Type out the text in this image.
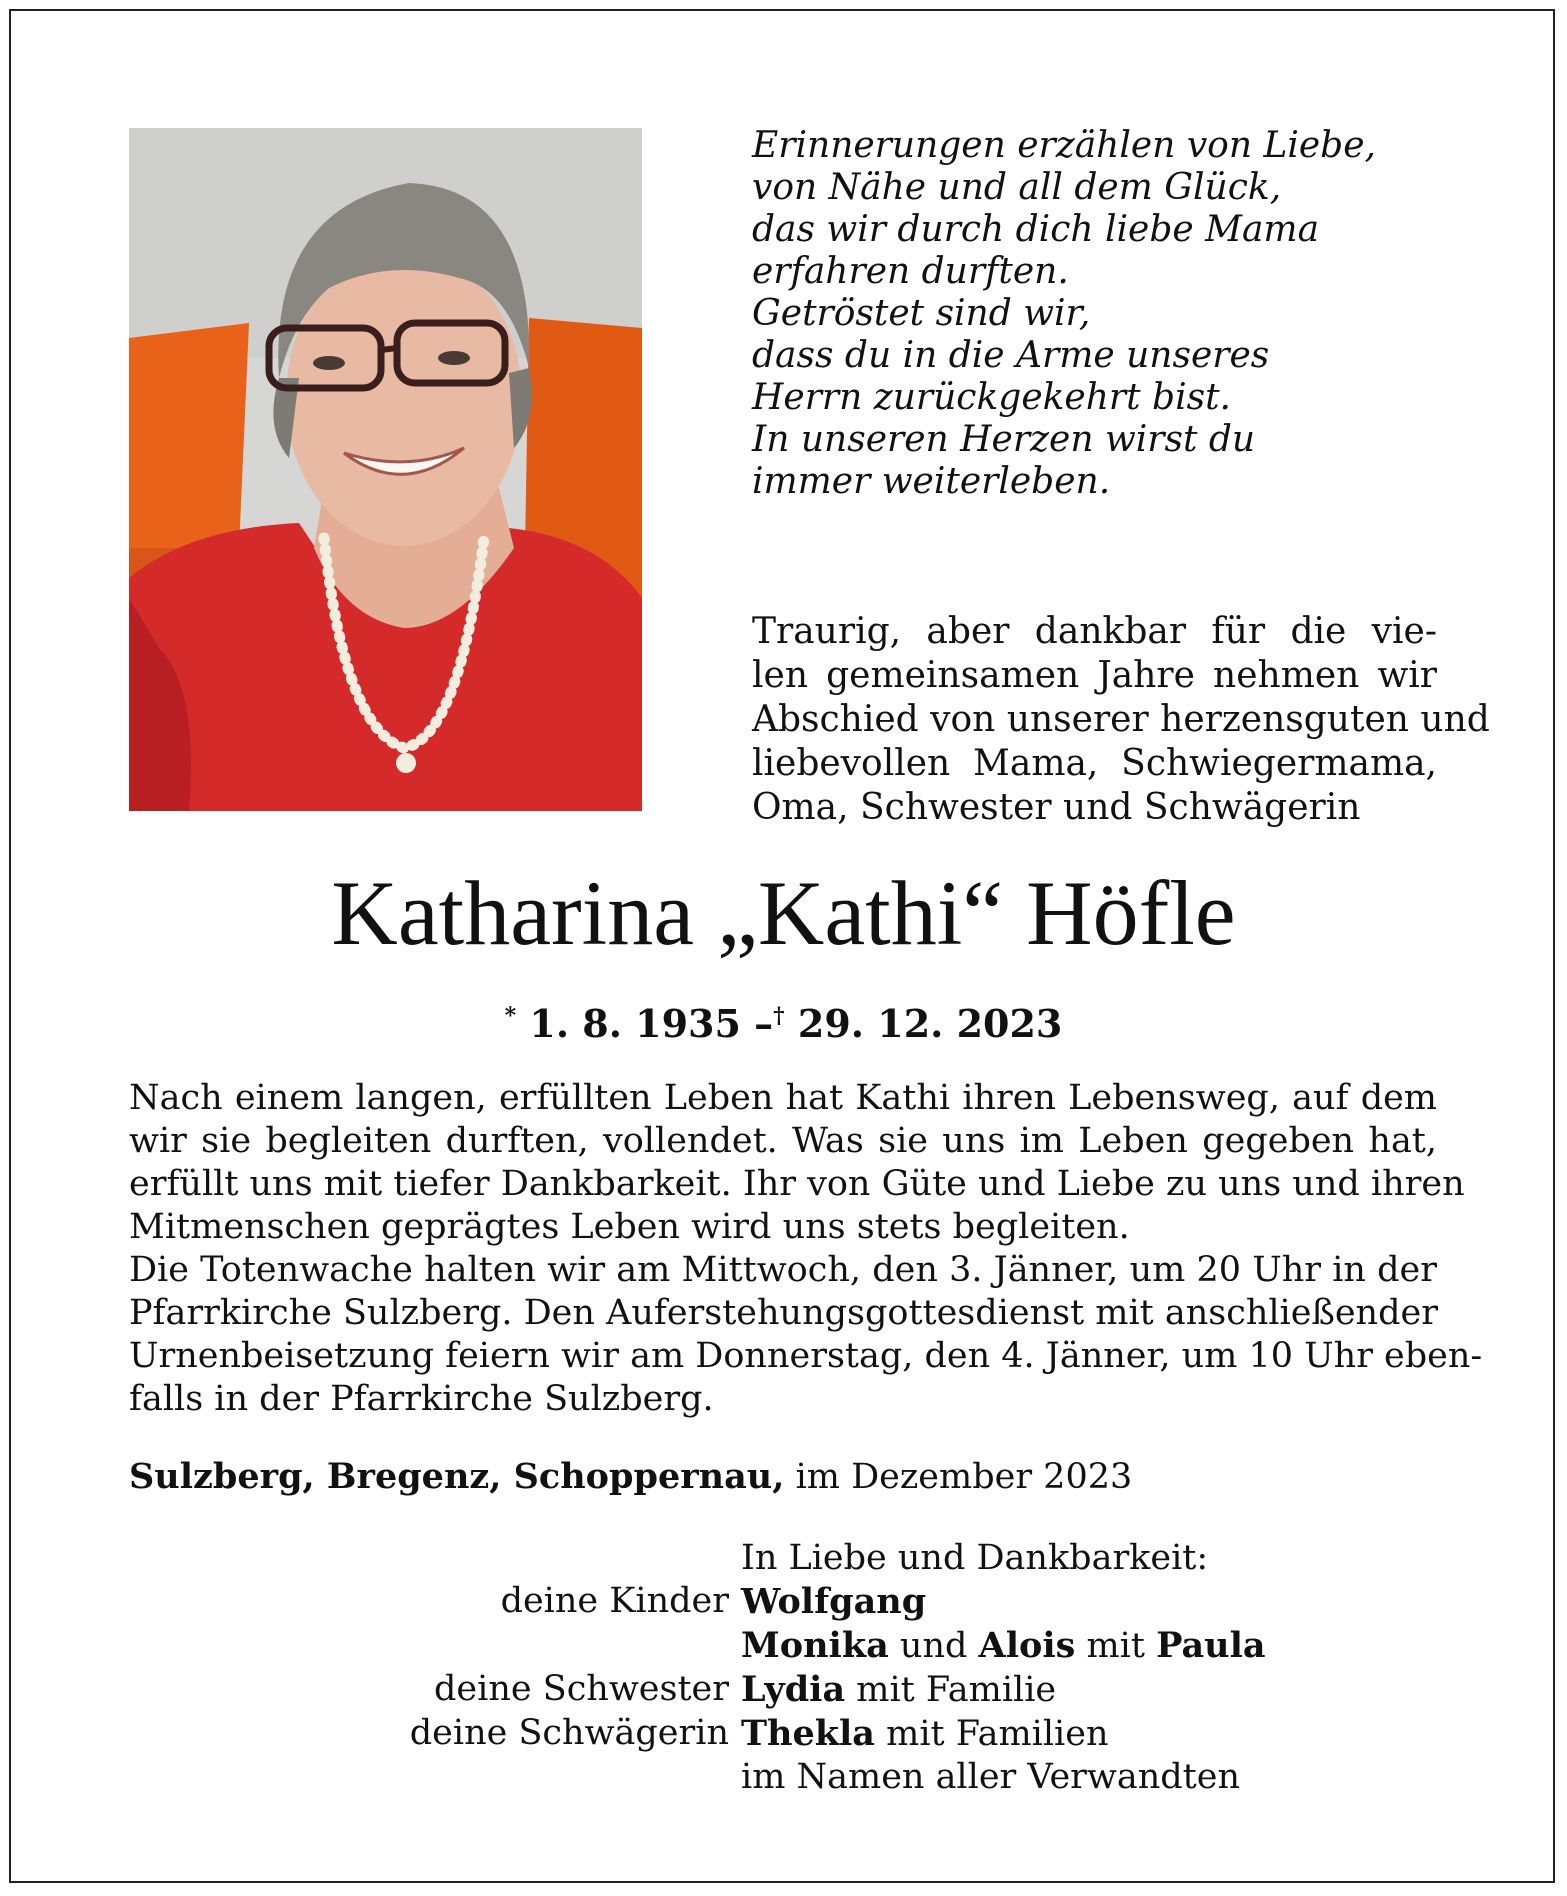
Erinnerungen erzählen von Liebe,
von Nähe und all dem Glück,
das wir durch dich liebe Mama
erfahren durften.
Getröstet sind wir,
dass du in die Arme unseres
Herrn zurückgekehrt bist.
In unseren Herzen wirst du
immer weiterleben.
Traurig, aber dankbar für die vie-
len gemeinsamen Jahre nehmen wir
Abschied von unserer herzensguten und
liebevollen Mama, Schwiegermama,
Oma, Schwester und Schwägerin
Katharina „Kathi“ Höfle
* 1. 8. 1935 –† 29. 12. 2023
Nach einem langen, erfüllten Leben hat Kathi ihren Lebensweg, auf dem
wir sie begleiten durften, vollendet. Was sie uns im Leben gegeben hat,
erfüllt uns mit tiefer Dankbarkeit. Ihr von Güte und Liebe zu uns und ihren
Mitmenschen geprägtes Leben wird uns stets begleiten.
Die Totenwache halten wir am Mittwoch, den 3. Jänner, um 20 Uhr in der
Pfarrkirche Sulzberg. Den Auferstehungsgottesdienst mit anschließender
Urnenbeisetzung feiern wir am Donnerstag, den 4. Jänner, um 10 Uhr eben-
falls in der Pfarrkirche Sulzberg.
Sulzberg, Bregenz, Schoppernau, im Dezember 2023
In Liebe und Dankbarkeit:
deine Kinder Wolfgang
Monika und Alois mit Paula
deine Schwester Lydia mit Familie
deine Schwägerin Thekla mit Familien
im Namen aller Verwandten
